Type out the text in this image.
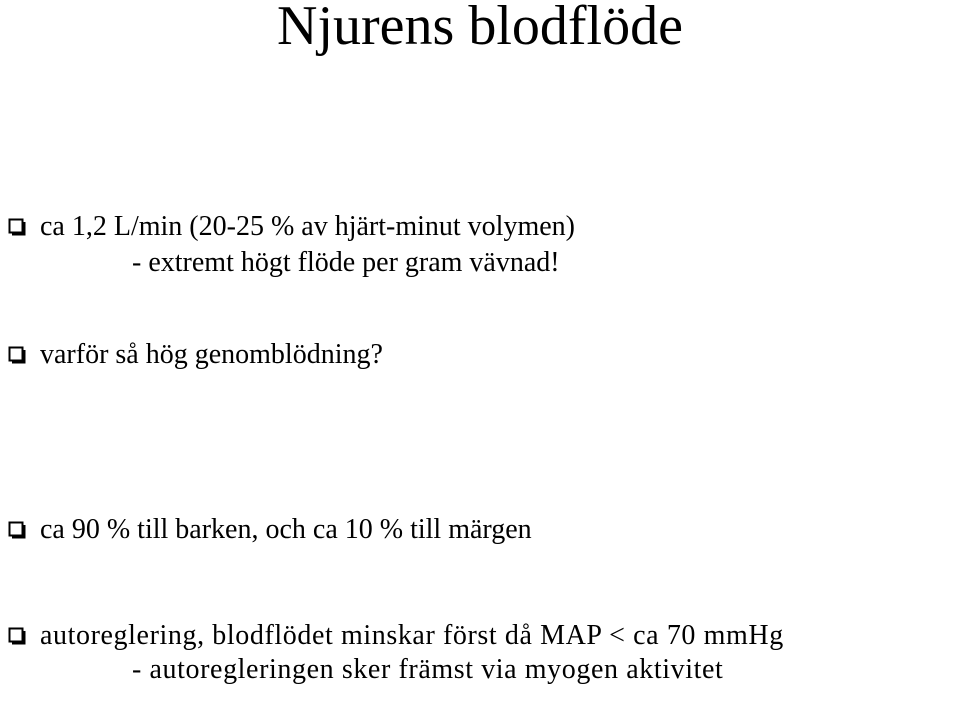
Njurens blodflöde
ca 1,2 L/min (20-25 % av hjärt-minut volymen)
- extremt högt flöde per gram vävnad!
varför så hög genomblödning?
ca 90 % till barken, och ca 10 % till märgen
autoreglering, blodflödet minskar först då MAP < ca 70 mmHg
- autoregleringen sker främst via myogen aktivitet
